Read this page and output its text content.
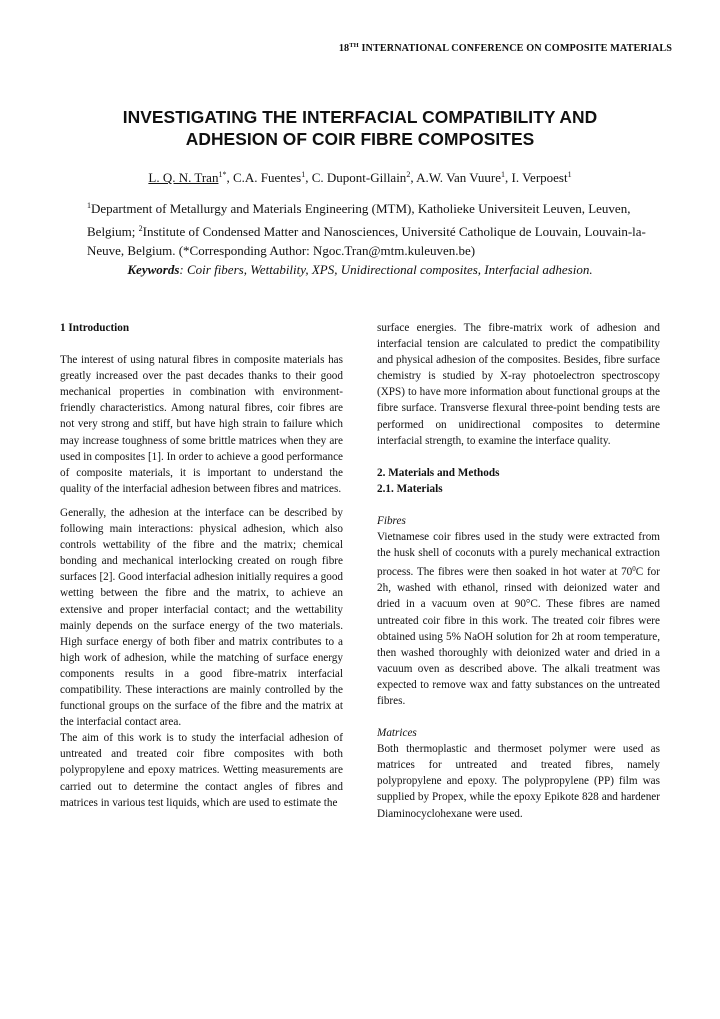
18TH INTERNATIONAL CONFERENCE ON COMPOSITE MATERIALS
INVESTIGATING THE INTERFACIAL COMPATIBILITY AND
ADHESION OF COIR FIBRE COMPOSITES
L. Q. N. Tran$^{1*}$, C.A. Fuentes$^1$, C. Dupont-Gillain$^2$, A.W. Van Vuure$^1$, I. Verpoest$^1$
$^1$Department of Metallurgy and Materials Engineering (MTM), Katholieke Universiteit Leuven, Leuven, Belgium; $^2$Institute of Condensed Matter and Nanosciences, Université Catholique de Louvain, Louvain-la-Neuve, Belgium. (*Corresponding Author: Ngoc.Tran@mtm.kuleuven.be)
Keywords: Coir fibers, Wettability, XPS, Unidirectional composites, Interfacial adhesion.

1 Introduction

The interest of using natural fibres in composite materials has greatly increased over the past decades thanks to their good mechanical properties in combination with environment-friendly characteristics. Among natural fibres, coir fibres are not very strong and stiff, but have high strain to failure which may increase toughness of some brittle matrices when they are used in composites [1]. In order to achieve a good performance of composite materials, it is important to understand the quality of the interfacial adhesion between fibres and matrices.

Generally, the adhesion at the interface can be described by following main interactions: physical adhesion, which also controls wettability of the fibre and the matrix; chemical bonding and mechanical interlocking created on rough fibre surfaces [2]. Good interfacial adhesion initially requires a good wetting between the fibre and the matrix, to achieve an extensive and proper interfacial contact; and the wettability mainly depends on the surface energy of the two materials. High surface energy of both fiber and matrix contributes to a high work of adhesion, while the matching of surface energy components results in a good fibre-matrix interfacial compatibility. These interactions are mainly controlled by the functional groups on the surface of the fibre and the matrix at the interfacial contact area.

The aim of this work is to study the interfacial adhesion of untreated and treated coir fibre composites with both polypropylene and epoxy matrices. Wetting measurements are carried out to determine the contact angles of fibres and matrices in various test liquids, which are used to estimate the

surface energies. The fibre-matrix work of adhesion and interfacial tension are calculated to predict the compatibility and physical adhesion of the composites. Besides, fibre surface chemistry is studied by X-ray photoelectron spectroscopy (XPS) to have more information about functional groups at the fibre surface. Transverse flexural three-point bending tests are performed on unidirectional composites to determine interfacial strength, to examine the interface quality.

2. Materials and Methods

2.1. Materials

Fibres

Vietnamese coir fibres used in the study were extracted from the husk shell of coconuts with a purely mechanical extraction process. The fibres were then soaked in hot water at $70^0C$ for 2h, washed with ethanol, rinsed with deionized water and dried in a vacuum oven at 90°C. These fibres are named untreated coir fibre in this work. The treated coir fibres were obtained using 5% NaOH solution for 2h at room temperature, then washed thoroughly with deionized water and dried in a vacuum oven as described above. The alkali treatment was expected to remove wax and fatty substances on the untreated fibres.

Matrices

Both thermoplastic and thermoset polymer were used as matrices for untreated and treated fibres, namely polypropylene and epoxy. The polypropylene (PP) film was supplied by Propex, while the epoxy Epikote 828 and hardener Diaminocyclohexane were used.
